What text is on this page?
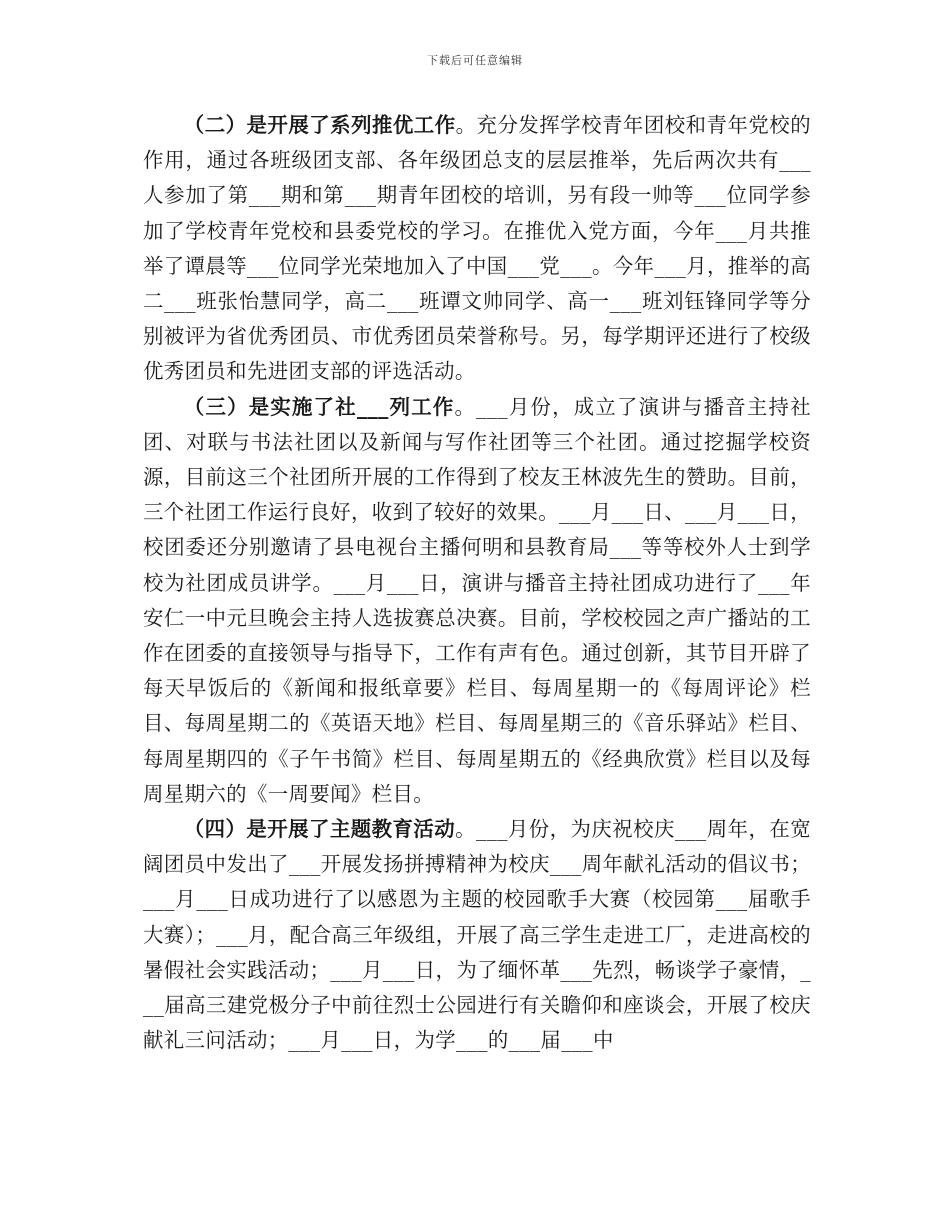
下载后可任意编辑

（二）是开展了系列推优工作。充分发挥学校青年团校和青年党校的作用，通过各班级团支部、各年级团总支的层层推举，先后两次共有___人参加了第___期和第___期青年团校的培训，另有段一帅等___位同学参加了学校青年党校和县委党校的学习。在推优入党方面，今年___月共推举了谭晨等___位同学光荣地加入了中国___党___。今年___月，推举的高二___班张怡慧同学，高二___班谭文帅同学、高一___班刘钰锋同学等分别被评为省优秀团员、市优秀团员荣誉称号。另，每学期评还进行了校级优秀团员和先进团支部的评选活动。

（三）是实施了社___列工作。___月份，成立了演讲与播音主持社团、对联与书法社团以及新闻与写作社团等三个社团。通过挖掘学校资源，目前这三个社团所开展的工作得到了校友王林波先生的赞助。目前，三个社团工作运行良好，收到了较好的效果。___月___日、___月___日，校团委还分别邀请了县电视台主播何明和县教育局___等等校外人士到学校为社团成员讲学。___月___日，演讲与播音主持社团成功进行了___年安仁一中元旦晚会主持人选拔赛总决赛。目前，学校校园之声广播站的工作在团委的直接领导与指导下，工作有声有色。通过创新，其节目开辟了每天早饭后的《新闻和报纸章要》栏目、每周星期一的《每周评论》栏目、每周星期二的《英语天地》栏目、每周星期三的《音乐驿站》栏目、每周星期四的《子午书简》栏目、每周星期五的《经典欣赏》栏目以及每周星期六的《一周要闻》栏目。

（四）是开展了主题教育活动。___月份，为庆祝校庆___周年，在宽阔团员中发出了___开展发扬拼搏精神为校庆___周年献礼活动的倡议书；___月___日成功进行了以感恩为主题的校园歌手大赛（校园第___届歌手大赛）；___月，配合高三年级组，开展了高三学生走进工厂，走进高校的暑假社会实践活动；___月___日，为了缅怀革___先烈，畅谈学子豪情，___届高三建党极分子中前往烈士公园进行有关瞻仰和座谈会，开展了校庆献礼三问活动；___月___日，为学___的___届___中
